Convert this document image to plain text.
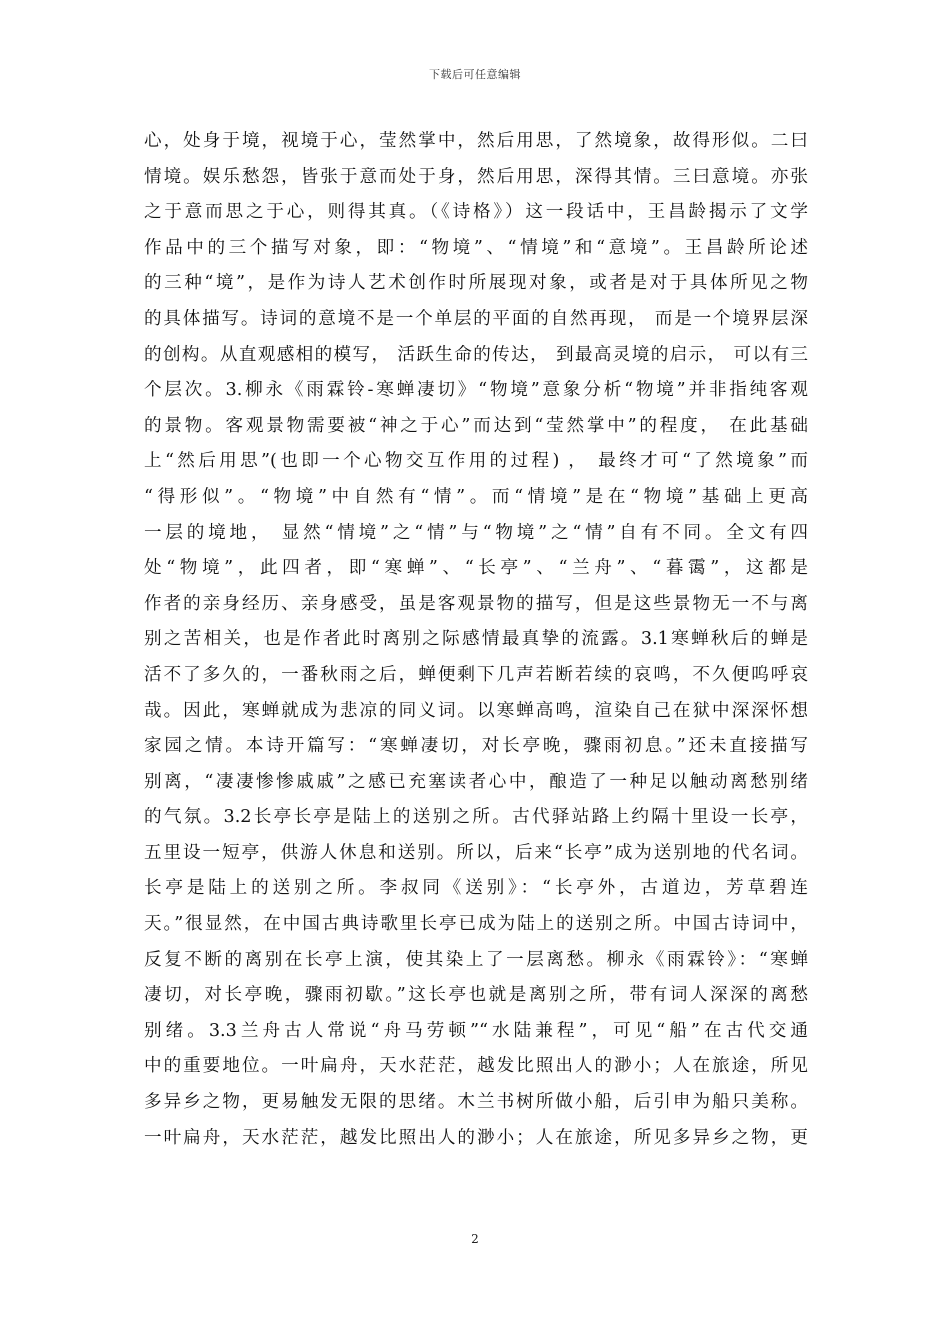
下载后可任意编辑
心，处身于境，视境于心，莹然掌中，然后用思，了然境象，故得形似。二曰
情境。娱乐愁怨，皆张于意而处于身，然后用思，深得其情。三曰意境。亦张
之于意而思之于心，则得其真。（《诗格》）这一段话中，王昌龄揭示了文学
作品中的三个描写对象，即：“物境”、“情境”和“意境”。王昌龄所论述
的三种“境”，是作为诗人艺术创作时所展现对象，或者是对于具体所见之物
的具体描写。诗词的意境不是一个单层的平面的自然再现， 而是一个境界层深
的创构。从直观感相的模写， 活跃生命的传达， 到最高灵境的启示， 可以有三
个层次。3.柳永《雨霖铃-寒蝉凄切》“物境”意象分析“物境”并非指纯客观
的景物。客观景物需要被“神之于心”而达到“莹然掌中”的程度， 在此基础
上“然后用思”(也即一个心物交互作用的过程) ， 最终才可“了然境象”而
“得形似”。“物境”中自然有“情”。而“情境”是在“物境”基础上更高
一层的境地， 显然“情境”之“情”与“物境”之“情”自有不同。全文有四
处“物境”，此四者，即“寒蝉”、“长亭”、“兰舟”、“暮霭”，这都是
作者的亲身经历、亲身感受，虽是客观景物的描写，但是这些景物无一不与离
别之苦相关，也是作者此时离别之际感情最真挚的流露。3.1寒蝉秋后的蝉是
活不了多久的，一番秋雨之后，蝉便剩下几声若断若续的哀鸣，不久便呜呼哀
哉。因此，寒蝉就成为悲凉的同义词。以寒蝉高鸣，渲染自己在狱中深深怀想
家园之情。本诗开篇写：“寒蝉凄切，对长亭晚，骤雨初息。”还未直接描写
别离，“凄凄惨惨戚戚”之感已充塞读者心中，酿造了一种足以触动离愁别绪
的气氛。3.2长亭长亭是陆上的送别之所。古代驿站路上约隔十里设一长亭，
五里设一短亭，供游人休息和送别。所以，后来“长亭”成为送别地的代名词。
长亭是陆上的送别之所。李叔同《送别》：“长亭外，古道边，芳草碧连
天。”很显然，在中国古典诗歌里长亭已成为陆上的送别之所。中国古诗词中，
反复不断的离别在长亭上演，使其染上了一层离愁。柳永《雨霖铃》：“寒蝉
凄切，对长亭晚，骤雨初歇。”这长亭也就是离别之所，带有词人深深的离愁
别绪。3.3兰舟古人常说“舟马劳顿”“水陆兼程”，可见“船”在古代交通
中的重要地位。一叶扁舟，天水茫茫，越发比照出人的渺小；人在旅途，所见
多异乡之物，更易触发无限的思绪。木兰书树所做小船，后引申为船只美称。
一叶扁舟，天水茫茫，越发比照出人的渺小；人在旅途，所见多异乡之物，更
2
